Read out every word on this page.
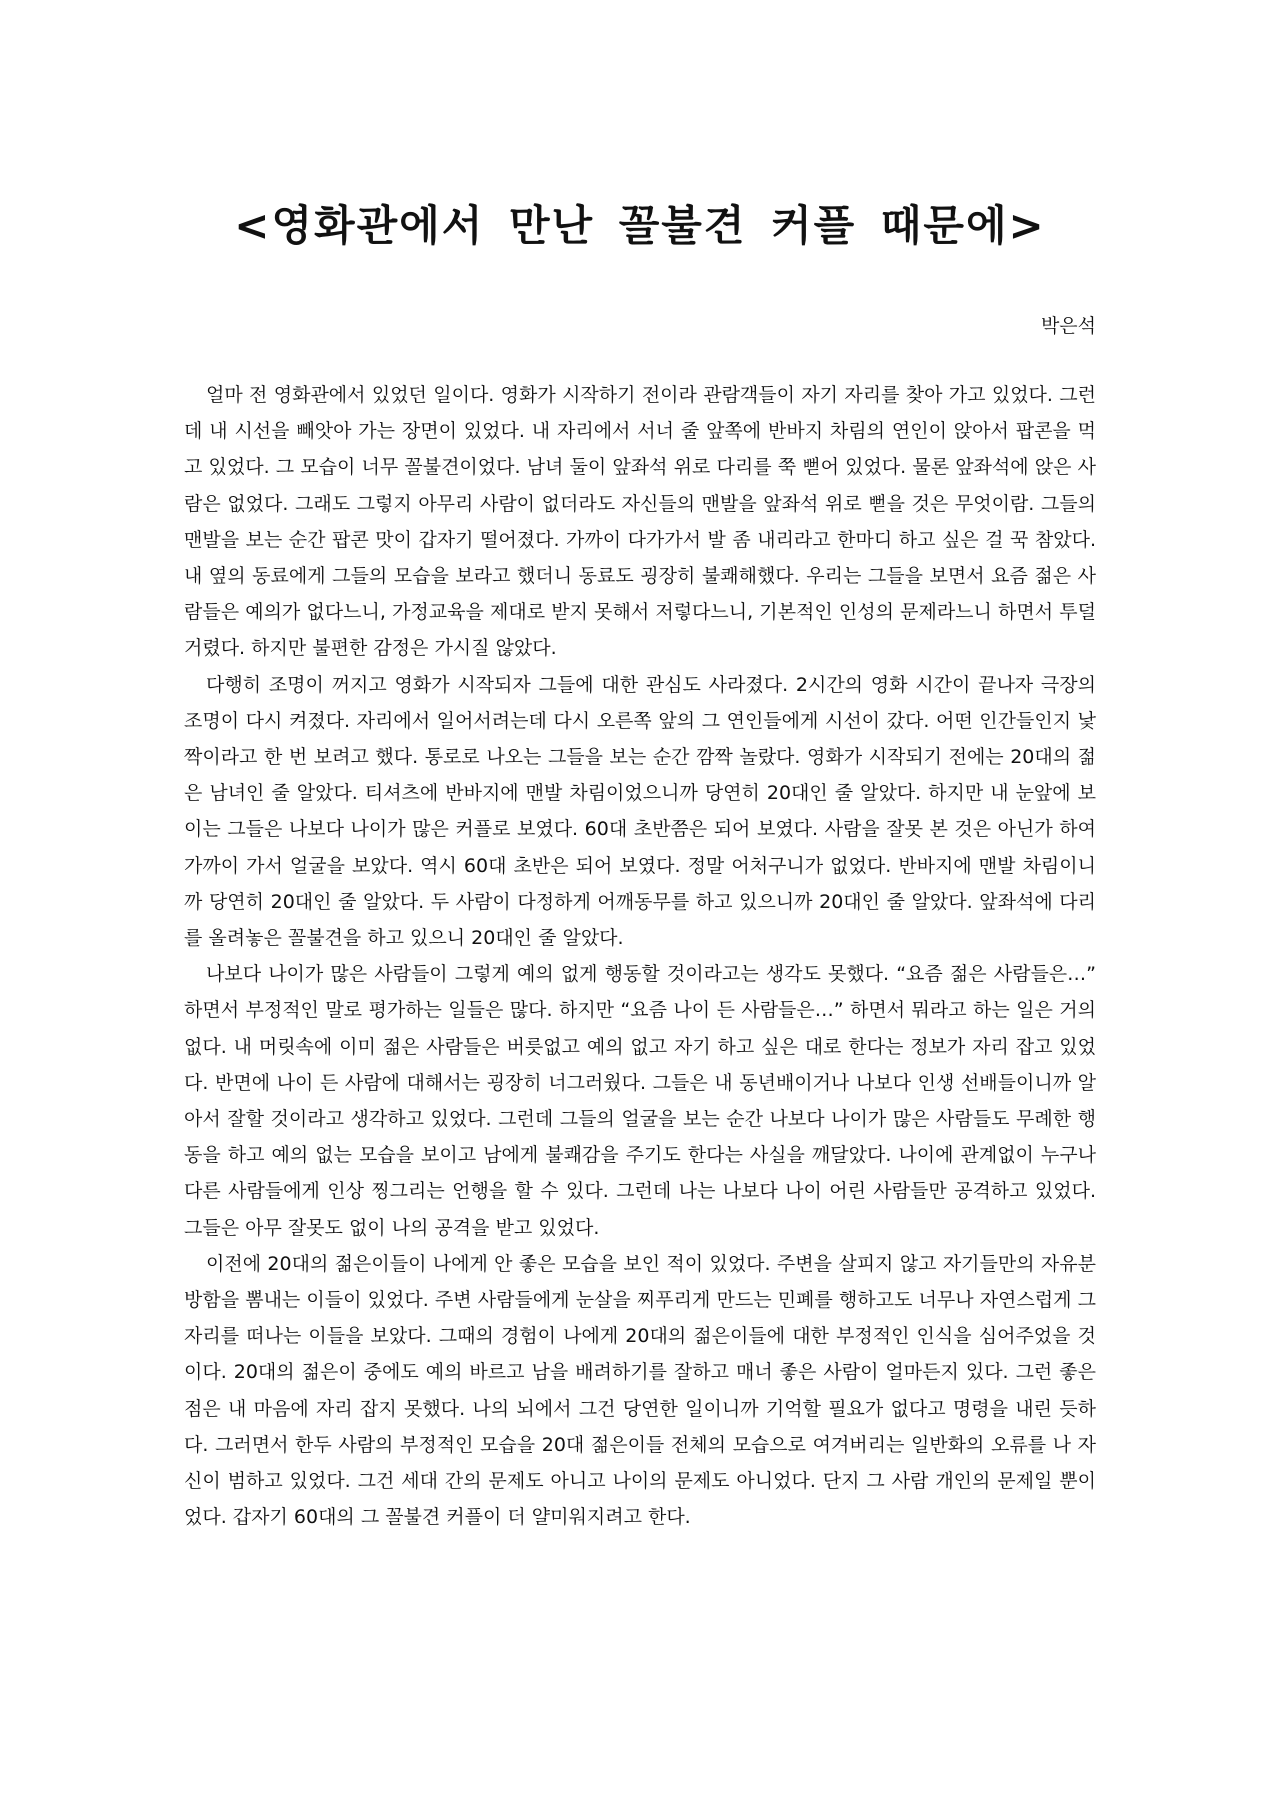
<영화관에서 만난 꼴불견 커플 때문에>

박은석

얼마 전 영화관에서 있었던 일이다. 영화가 시작하기 전이라 관람객들이 자기 자리를 찾아 가고 있었다. 그런데 내 시선을 빼앗아 가는 장면이 있었다. 내 자리에서 서너 줄 앞쪽에 반바지 차림의 연인이 앉아서 팝콘을 먹고 있었다. 그 모습이 너무 꼴불견이었다. 남녀 둘이 앞좌석 위로 다리를 쭉 뻗어 있었다. 물론 앞좌석에 앉은 사람은 없었다. 그래도 그렇지 아무리 사람이 없더라도 자신들의 맨발을 앞좌석 위로 뻗을 것은 무엇이람. 그들의 맨발을 보는 순간 팝콘 맛이 갑자기 떨어졌다. 가까이 다가가서 발 좀 내리라고 한마디 하고 싶은 걸 꾹 참았다. 내 옆의 동료에게 그들의 모습을 보라고 했더니 동료도 굉장히 불쾌해했다. 우리는 그들을 보면서 요즘 젊은 사람들은 예의가 없다느니, 가정교육을 제대로 받지 못해서 저렇다느니, 기본적인 인성의 문제라느니 하면서 투덜거렸다. 하지만 불편한 감정은 가시질 않았다.

다행히 조명이 꺼지고 영화가 시작되자 그들에 대한 관심도 사라졌다. 2시간의 영화 시간이 끝나자 극장의 조명이 다시 켜졌다. 자리에서 일어서려는데 다시 오른쪽 앞의 그 연인들에게 시선이 갔다. 어떤 인간들인지 낯짝이라고 한 번 보려고 했다. 통로로 나오는 그들을 보는 순간 깜짝 놀랐다. 영화가 시작되기 전에는 20대의 젊은 남녀인 줄 알았다. 티셔츠에 반바지에 맨발 차림이었으니까 당연히 20대인 줄 알았다. 하지만 내 눈앞에 보이는 그들은 나보다 나이가 많은 커플로 보였다. 60대 초반쯤은 되어 보였다. 사람을 잘못 본 것은 아닌가 하여 가까이 가서 얼굴을 보았다. 역시 60대 초반은 되어 보였다. 정말 어처구니가 없었다. 반바지에 맨발 차림이니까 당연히 20대인 줄 알았다. 두 사람이 다정하게 어깨동무를 하고 있으니까 20대인 줄 알았다. 앞좌석에 다리를 올려놓은 꼴불견을 하고 있으니 20대인 줄 알았다.

나보다 나이가 많은 사람들이 그렇게 예의 없게 행동할 것이라고는 생각도 못했다. “요즘 젊은 사람들은…” 하면서 부정적인 말로 평가하는 일들은 많다. 하지만 “요즘 나이 든 사람들은…” 하면서 뭐라고 하는 일은 거의 없다. 내 머릿속에 이미 젊은 사람들은 버릇없고 예의 없고 자기 하고 싶은 대로 한다는 정보가 자리 잡고 있었다. 반면에 나이 든 사람에 대해서는 굉장히 너그러웠다. 그들은 내 동년배이거나 나보다 인생 선배들이니까 알아서 잘할 것이라고 생각하고 있었다. 그런데 그들의 얼굴을 보는 순간 나보다 나이가 많은 사람들도 무례한 행동을 하고 예의 없는 모습을 보이고 남에게 불쾌감을 주기도 한다는 사실을 깨달았다. 나이에 관계없이 누구나 다른 사람들에게 인상 찡그리는 언행을 할 수 있다. 그런데 나는 나보다 나이 어린 사람들만 공격하고 있었다. 그들은 아무 잘못도 없이 나의 공격을 받고 있었다.

이전에 20대의 젊은이들이 나에게 안 좋은 모습을 보인 적이 있었다. 주변을 살피지 않고 자기들만의 자유분방함을 뽐내는 이들이 있었다. 주변 사람들에게 눈살을 찌푸리게 만드는 민폐를 행하고도 너무나 자연스럽게 그 자리를 떠나는 이들을 보았다. 그때의 경험이 나에게 20대의 젊은이들에 대한 부정적인 인식을 심어주었을 것이다. 20대의 젊은이 중에도 예의 바르고 남을 배려하기를 잘하고 매너 좋은 사람이 얼마든지 있다. 그런 좋은 점은 내 마음에 자리 잡지 못했다. 나의 뇌에서 그건 당연한 일이니까 기억할 필요가 없다고 명령을 내린 듯하다. 그러면서 한두 사람의 부정적인 모습을 20대 젊은이들 전체의 모습으로 여겨버리는 일반화의 오류를 나 자신이 범하고 있었다. 그건 세대 간의 문제도 아니고 나이의 문제도 아니었다. 단지 그 사람 개인의 문제일 뿐이었다. 갑자기 60대의 그 꼴불견 커플이 더 얄미워지려고 한다.
